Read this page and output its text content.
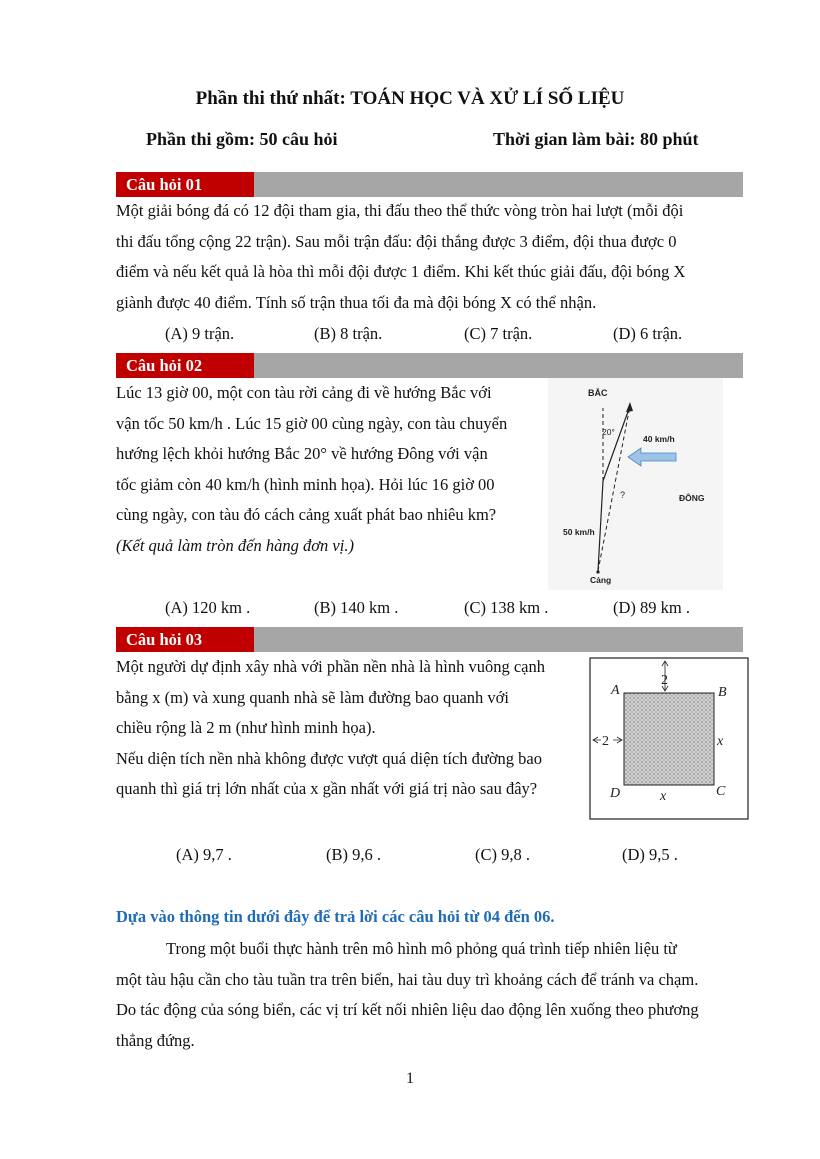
Phần thi thứ nhất: TOÁN HỌC VÀ XỬ LÍ SỐ LIỆU
Phần thi gồm: 50 câu hỏi	Thời gian làm bài: 80 phút
Câu hỏi 01
Một giải bóng đá có 12 đội tham gia, thi đấu theo thể thức vòng tròn hai lượt (mỗi đội
thi đấu tổng cộng 22 trận). Sau mỗi trận đấu: đội thắng được 3 điểm, đội thua được 0
điểm và nếu kết quả là hòa thì mỗi đội được 1 điểm. Khi kết thúc giải đấu, đội bóng X
giành được 40 điểm. Tính số trận thua tối đa mà đội bóng X có thể nhận.
(A) 9 trận.	(B) 8 trận.	(C) 7 trận.	(D) 6 trận.
Câu hỏi 02
Lúc 13 giờ 00, một con tàu rời cảng đi về hướng Bắc với
vận tốc 50 km/h . Lúc 15 giờ 00 cùng ngày, con tàu chuyển
hướng lệch khỏi hướng Bắc 20° về hướng Đông với vận
tốc giảm còn 40 km/h (hình minh họa). Hỏi lúc 16 giờ 00
cùng ngày, con tàu đó cách cảng xuất phát bao nhiêu km?
(Kết quả làm tròn đến hàng đơn vị.)
BẮC
20°
40 km/h
?	ĐÔNG
50 km/h
Cảng
(A) 120 km .	(B) 140 km .	(C) 138 km .	(D) 89 km .
Câu hỏi 03
Một người dự định xây nhà với phần nền nhà là hình vuông cạnh
bằng x (m) và xung quanh nhà sẽ làm đường bao quanh với
chiều rộng là 2 m (như hình minh họa).
Nếu diện tích nền nhà không được vượt quá diện tích đường bao
quanh thì giá trị lớn nhất của x gần nhất với giá trị nào sau đây?
2
2
A	B
C
D
x
x
(A) 9,7 .	(B) 9,6 .	(C) 9,8 .	(D) 9,5 .
Dựa vào thông tin dưới đây để trả lời các câu hỏi từ 04 đến 06.
Trong một buổi thực hành trên mô hình mô phỏng quá trình tiếp nhiên liệu từ
một tàu hậu cần cho tàu tuần tra trên biển, hai tàu duy trì khoảng cách để tránh va chạm.
Do tác động của sóng biển, các vị trí kết nối nhiên liệu dao động lên xuống theo phương
thẳng đứng.
1
